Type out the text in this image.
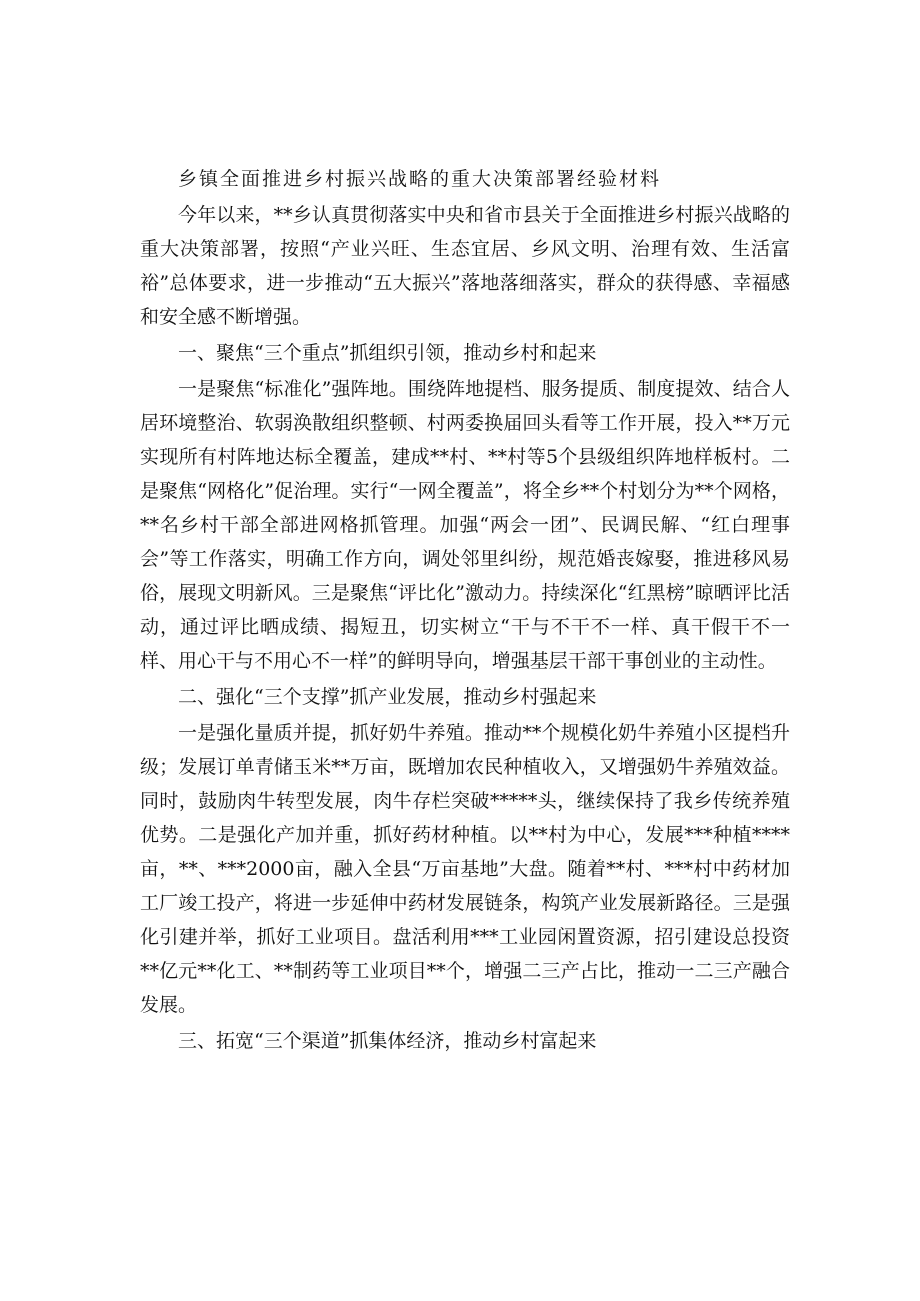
乡镇全面推进乡村振兴战略的重大决策部署经验材料

今年以来，**乡认真贯彻落实中央和省市县关于全面推进乡村振兴战略的重大决策部署，按照“产业兴旺、生态宜居、乡风文明、治理有效、生活富裕”总体要求，进一步推动“五大振兴”落地落细落实，群众的获得感、幸福感和安全感不断增强。

一、聚焦“三个重点”抓组织引领，推动乡村和起来

一是聚焦“标准化”强阵地。围绕阵地提档、服务提质、制度提效、结合人居环境整治、软弱涣散组织整顿、村两委换届回头看等工作开展，投入**万元实现所有村阵地达标全覆盖，建成**村、**村等5个县级组织阵地样板村。二是聚焦“网格化”促治理。实行“一网全覆盖”，将全乡**个村划分为**个网格，**名乡村干部全部进网格抓管理。加强“两会一团”、民调民解、“红白理事会”等工作落实，明确工作方向，调处邻里纠纷，规范婚丧嫁娶，推进移风易俗，展现文明新风。三是聚焦“评比化”激动力。持续深化“红黑榜”晾晒评比活动，通过评比晒成绩、揭短丑，切实树立“干与不干不一样、真干假干不一样、用心干与不用心不一样”的鲜明导向，增强基层干部干事创业的主动性。

二、强化“三个支撑”抓产业发展，推动乡村强起来

一是强化量质并提，抓好奶牛养殖。推动**个规模化奶牛养殖小区提档升级；发展订单青储玉米**万亩，既增加农民种植收入，又增强奶牛养殖效益。同时，鼓励肉牛转型发展，肉牛存栏突破*****头，继续保持了我乡传统养殖优势。二是强化产加并重，抓好药材种植。以**村为中心，发展***种植****亩，**、***2000亩，融入全县“万亩基地”大盘。随着**村、***村中药材加工厂竣工投产，将进一步延伸中药材发展链条，构筑产业发展新路径。三是强化引建并举，抓好工业项目。盘活利用***工业园闲置资源，招引建设总投资**亿元**化工、**制药等工业项目**个，增强二三产占比，推动一二三产融合发展。

三、拓宽“三个渠道”抓集体经济，推动乡村富起来
